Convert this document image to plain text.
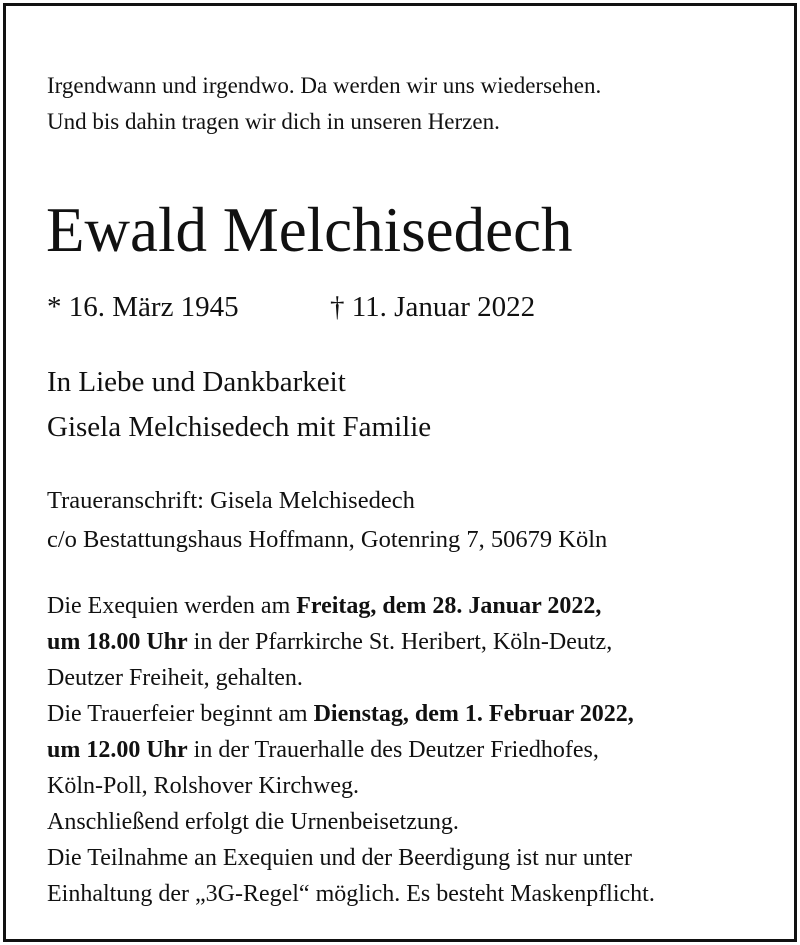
Irgendwann und irgendwo. Da werden wir uns wiedersehen.
Und bis dahin tragen wir dich in unseren Herzen.
Ewald Melchisedech
* 16. März 1945	† 11. Januar 2022
In Liebe und Dankbarkeit
Gisela Melchisedech mit Familie
Traueranschrift: Gisela Melchisedech
c/o Bestattungshaus Hoffmann, Gotenring 7, 50679 Köln
Die Exequien werden am Freitag, dem 28. Januar 2022,
um 18.00 Uhr in der Pfarrkirche St. Heribert, Köln-Deutz,
Deutzer Freiheit, gehalten.
Die Trauerfeier beginnt am Dienstag, dem 1. Februar 2022,
um 12.00 Uhr in der Trauerhalle des Deutzer Friedhofes,
Köln-Poll, Rolshover Kirchweg.
Anschließend erfolgt die Urnenbeisetzung.
Die Teilnahme an Exequien und der Beerdigung ist nur unter
Einhaltung der „3G-Regel“ möglich. Es besteht Maskenpflicht.
